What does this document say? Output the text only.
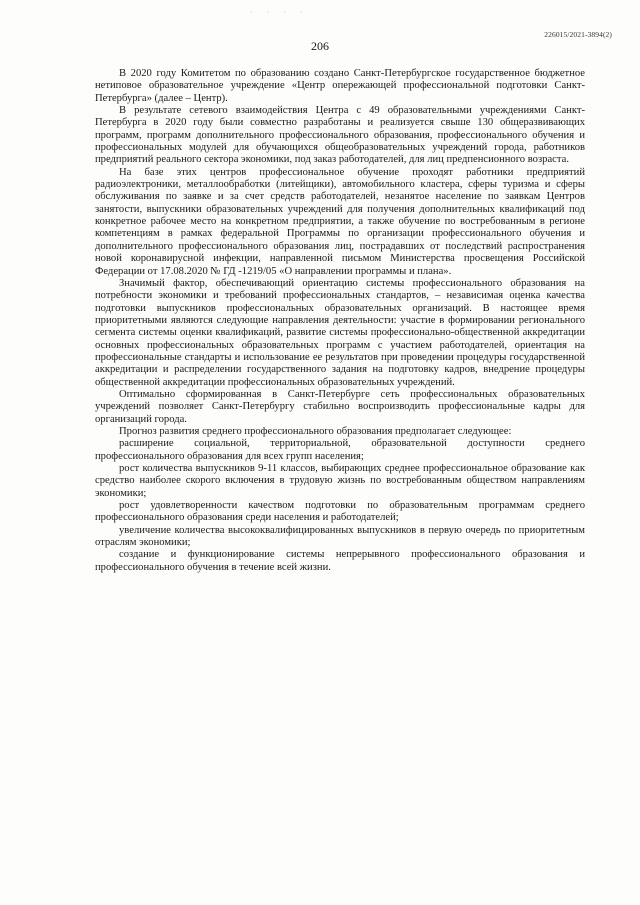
· · · ·
226015/2021-3894(2)
206

В 2020 году Комитетом по образованию создано Санкт-Петербургское государственное бюджетное нетиповое образовательное учреждение «Центр опережающей профессиональной подготовки Санкт-Петербурга» (далее – Центр).

В результате сетевого взаимодействия Центра с 49 образовательными учреждениями Санкт-Петербурга в 2020 году были совместно разработаны и реализуется свыше 130 общеразвивающих программ, программ дополнительного профессионального образования, профессионального обучения и профессиональных модулей для обучающихся общеобразовательных учреждений города, работников предприятий реального сектора экономики, под заказ работодателей, для лиц предпенсионного возраста.

На базе этих центров профессиональное обучение проходят работники предприятий радиоэлектроники, металлообработки (литейщики), автомобильного кластера, сферы туризма и сферы обслуживания по заявке и за счет средств работодателей, незанятое население по заявкам Центров занятости, выпускники образовательных учреждений для получения дополнительных квалификаций под конкретное рабочее место на конкретном предприятии, а также обучение по востребованным в регионе компетенциям в рамках федеральной Программы по организации профессионального обучения и дополнительного профессионального образования лиц, пострадавших от последствий распространения новой коронавирусной инфекции, направленной письмом Министерства просвещения Российской Федерации от 17.08.2020 № ГД -1219/05 «О направлении программы и плана».

Значимый фактор, обеспечивающий ориентацию системы профессионального образования на потребности экономики и требований профессиональных стандартов, – независимая оценка качества подготовки выпускников профессиональных образовательных организаций. В настоящее время приоритетными являются следующие направления деятельности: участие в формировании регионального сегмента системы оценки квалификаций, развитие системы профессионально-общественной аккредитации основных профессиональных образовательных программ с участием работодателей, ориентация на профессиональные стандарты и использование ее результатов при проведении процедуры государственной аккредитации и распределении государственного задания на подготовку кадров, внедрение процедуры общественной аккредитации профессиональных образовательных учреждений.

Оптимально сформированная в Санкт-Петербурге сеть профессиональных образовательных учреждений позволяет Санкт-Петербургу стабильно воспроизводить профессиональные кадры для организаций города.

Прогноз развития среднего профессионального образования предполагает следующее:

расширение социальной, территориальной, образовательной доступности среднего профессионального образования для всех групп населения;

рост количества выпускников 9-11 классов, выбирающих среднее профессиональное образование как средство наиболее скорого включения в трудовую жизнь по востребованным обществом направлениям экономики;

рост удовлетворенности качеством подготовки по образовательным программам среднего профессионального образования среди населения и работодателей;

увеличение количества высококвалифицированных выпускников в первую очередь по приоритетным отраслям экономики;

создание и функционирование системы непрерывного профессионального образования и профессионального обучения в течение всей жизни.
